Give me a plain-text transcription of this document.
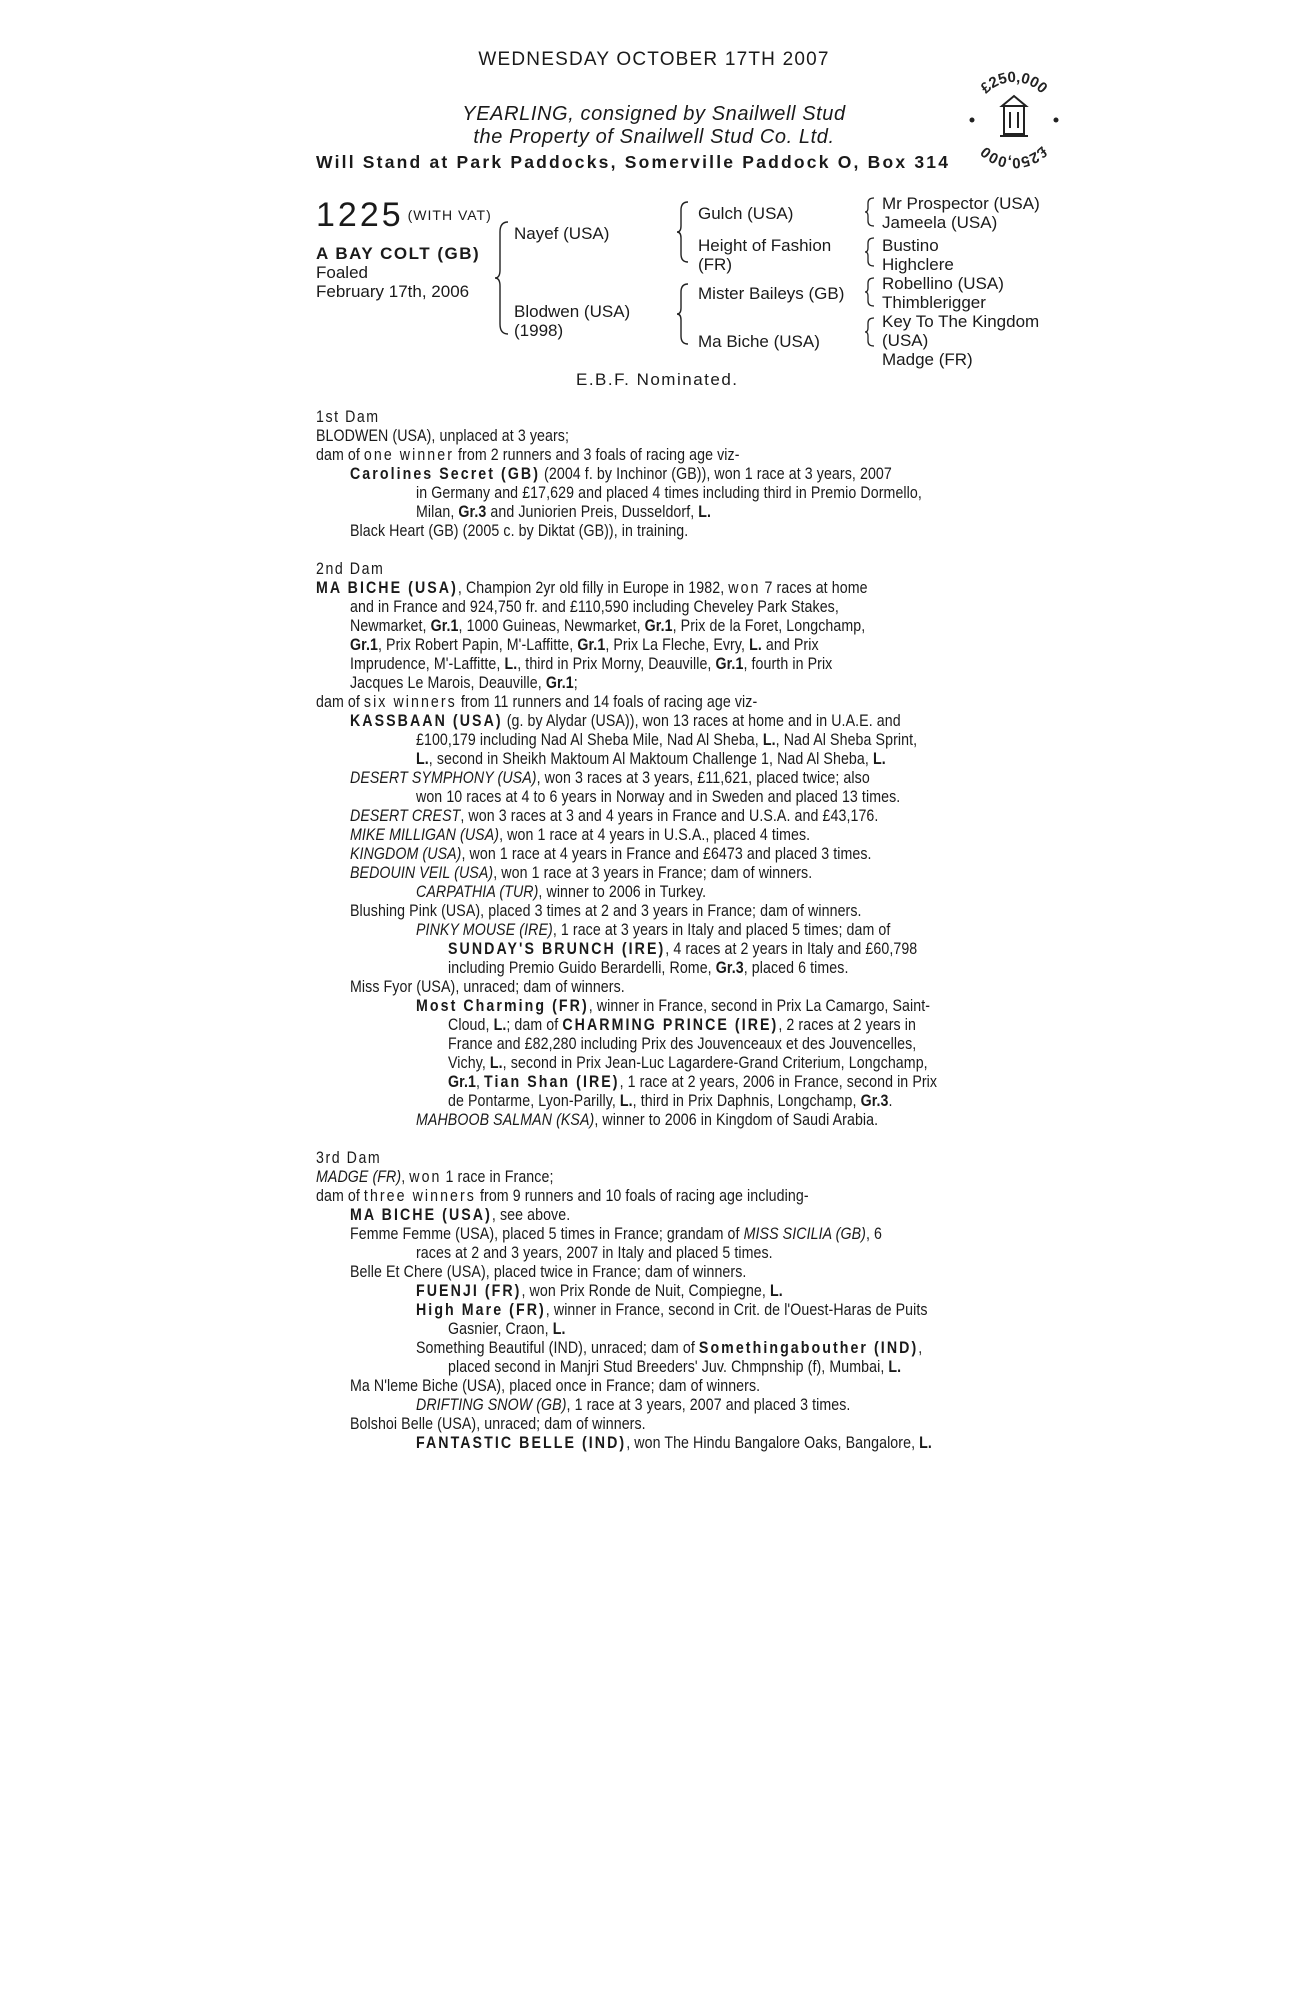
WEDNESDAY OCTOBER 17TH 2007
YEARLING, consigned by Snailwell Stud
the Property of Snailwell Stud Co. Ltd.
Will Stand at Park Paddocks, Somerville Paddock O, Box 314
£250,000
£250,000
1225 (WITH VAT)
A BAY COLT (GB)
Foaled
February 17th, 2006
Nayef (USA)
Blodwen (USA)
(1998)
Gulch (USA)
Height of Fashion
(FR)
Mister Baileys (GB)
Ma Biche (USA)
Mr Prospector (USA)
Jameela (USA)
Bustino
Highclere
Robellino (USA)
Thimblerigger
Key To The Kingdom
(USA)
Madge (FR)
E.B.F. Nominated.
1st Dam
BLODWEN (USA), unplaced at 3 years;
dam of one winner from 2 runners and 3 foals of racing age viz-
Carolines Secret (GB) (2004 f. by Inchinor (GB)), won 1 race at 3 years, 2007
in Germany and £17,629 and placed 4 times including third in Premio Dormello,
Milan, Gr.3 and Juniorien Preis, Dusseldorf, L.
Black Heart (GB) (2005 c. by Diktat (GB)), in training.
2nd Dam
MA BICHE (USA), Champion 2yr old filly in Europe in 1982, won 7 races at home
and in France and 924,750 fr. and £110,590 including Cheveley Park Stakes,
Newmarket, Gr.1, 1000 Guineas, Newmarket, Gr.1, Prix de la Foret, Longchamp,
Gr.1, Prix Robert Papin, M'-Laffitte, Gr.1, Prix La Fleche, Evry, L. and Prix
Imprudence, M'-Laffitte, L., third in Prix Morny, Deauville, Gr.1, fourth in Prix
Jacques Le Marois, Deauville, Gr.1;
dam of six winners from 11 runners and 14 foals of racing age viz-
KASSBAAN (USA) (g. by Alydar (USA)), won 13 races at home and in U.A.E. and
£100,179 including Nad Al Sheba Mile, Nad Al Sheba, L., Nad Al Sheba Sprint,
L., second in Sheikh Maktoum Al Maktoum Challenge 1, Nad Al Sheba, L.
DESERT SYMPHONY (USA), won 3 races at 3 years, £11,621, placed twice; also
won 10 races at 4 to 6 years in Norway and in Sweden and placed 13 times.
DESERT CREST, won 3 races at 3 and 4 years in France and U.S.A. and £43,176.
MIKE MILLIGAN (USA), won 1 race at 4 years in U.S.A., placed 4 times.
KINGDOM (USA), won 1 race at 4 years in France and £6473 and placed 3 times.
BEDOUIN VEIL (USA), won 1 race at 3 years in France; dam of winners.
CARPATHIA (TUR), winner to 2006 in Turkey.
Blushing Pink (USA), placed 3 times at 2 and 3 years in France; dam of winners.
PINKY MOUSE (IRE), 1 race at 3 years in Italy and placed 5 times; dam of
SUNDAY'S BRUNCH (IRE), 4 races at 2 years in Italy and £60,798
including Premio Guido Berardelli, Rome, Gr.3, placed 6 times.
Miss Fyor (USA), unraced; dam of winners.
Most Charming (FR), winner in France, second in Prix La Camargo, Saint-
Cloud, L.; dam of CHARMING PRINCE (IRE), 2 races at 2 years in
France and £82,280 including Prix des Jouvenceaux et des Jouvencelles,
Vichy, L., second in Prix Jean-Luc Lagardere-Grand Criterium, Longchamp,
Gr.1, Tian Shan (IRE), 1 race at 2 years, 2006 in France, second in Prix
de Pontarme, Lyon-Parilly, L., third in Prix Daphnis, Longchamp, Gr.3.
MAHBOOB SALMAN (KSA), winner to 2006 in Kingdom of Saudi Arabia.
3rd Dam
MADGE (FR), won 1 race in France;
dam of three winners from 9 runners and 10 foals of racing age including-
MA BICHE (USA), see above.
Femme Femme (USA), placed 5 times in France; grandam of MISS SICILIA (GB), 6
races at 2 and 3 years, 2007 in Italy and placed 5 times.
Belle Et Chere (USA), placed twice in France; dam of winners.
FUENJI (FR), won Prix Ronde de Nuit, Compiegne, L.
High Mare (FR), winner in France, second in Crit. de l'Ouest-Haras de Puits
Gasnier, Craon, L.
Something Beautiful (IND), unraced; dam of Somethingabouther (IND),
placed second in Manjri Stud Breeders' Juv. Chmpnship (f), Mumbai, L.
Ma N'leme Biche (USA), placed once in France; dam of winners.
DRIFTING SNOW (GB), 1 race at 3 years, 2007 and placed 3 times.
Bolshoi Belle (USA), unraced; dam of winners.
FANTASTIC BELLE (IND), won The Hindu Bangalore Oaks, Bangalore, L.
